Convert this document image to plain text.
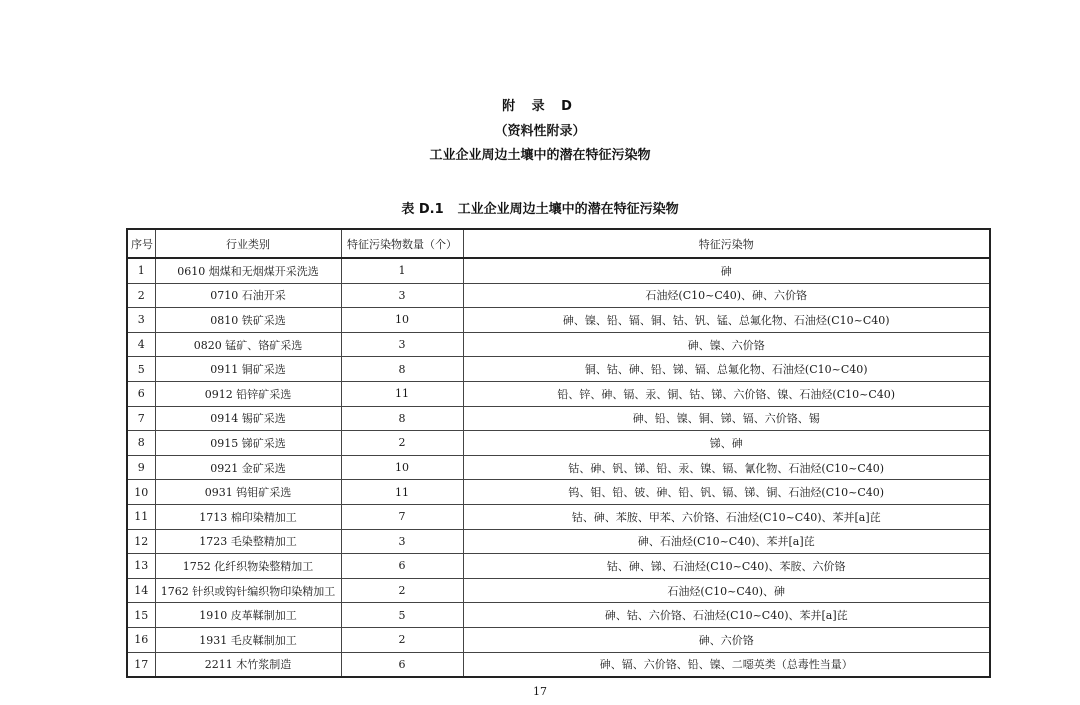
附 录 D
（资料性附录）
工业企业周边土壤中的潜在特征污染物
表 D.1 工业企业周边土壤中的潜在特征污染物
序号	行业类别	特征污染物数量（个）	特征污染物
1	0610 烟煤和无烟煤开采洗选	1	砷
2	0710 石油开采	3	石油烃(C10~C40)、砷、六价铬
3	0810 铁矿采选	10	砷、镍、铅、镉、铜、钴、钒、锰、总氟化物、石油烃(C10~C40)
4	0820 锰矿、铬矿采选	3	砷、镍、六价铬
5	0911 铜矿采选	8	铜、钴、砷、铅、锑、镉、总氟化物、石油烃(C10~C40)
6	0912 铅锌矿采选	11	铅、锌、砷、镉、汞、铜、钴、锑、六价铬、镍、石油烃(C10~C40)
7	0914 锡矿采选	8	砷、铅、镍、铜、锑、镉、六价铬、锡
8	0915 锑矿采选	2	锑、砷
9	0921 金矿采选	10	钴、砷、钒、锑、铅、汞、镍、镉、氰化物、石油烃(C10~C40)
10	0931 钨钼矿采选	11	钨、钼、铅、铍、砷、铅、钒、镉、锑、铜、石油烃(C10~C40)
11	1713 棉印染精加工	7	钴、砷、苯胺、甲苯、六价铬、石油烃(C10~C40)、苯并[a]芘
12	1723 毛染整精加工	3	砷、石油烃(C10~C40)、苯并[a]芘
13	1752 化纤织物染整精加工	6	钴、砷、锑、石油烃(C10~C40)、苯胺、六价铬
14	1762 针织或钩针编织物印染精加工	2	石油烃(C10~C40)、砷
15	1910 皮革鞣制加工	5	砷、钴、六价铬、石油烃(C10~C40)、苯并[a]芘
16	1931 毛皮鞣制加工	2	砷、六价铬
17	2211 木竹浆制造	6	砷、镉、六价铬、铅、镍、二噁英类（总毒性当量）
17
